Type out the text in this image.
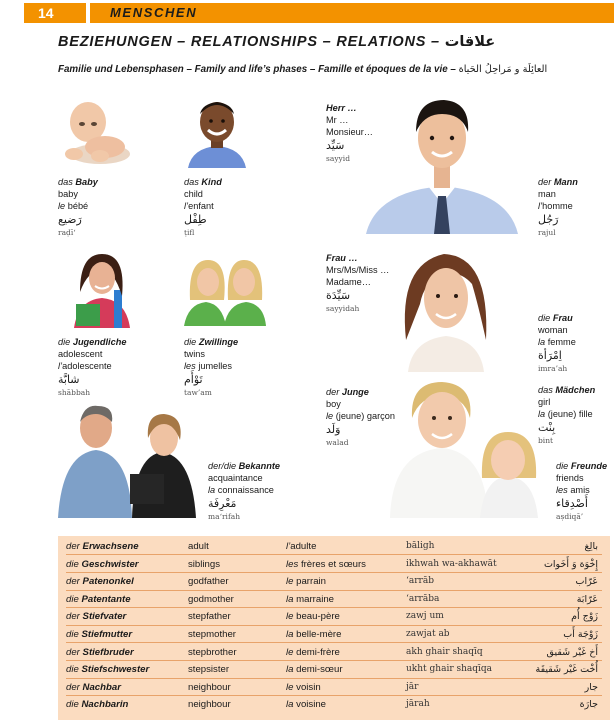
14	MENSCHEN
BEZIEHUNGEN – RELATIONSHIPS – RELATIONS – علاقات
Familie und Lebensphasen – Family and life’s phases – Famille et époques de la vie – العائِلَة و مَراحِلُ الحَياة
das Baby
baby
le bébé
رَضيع
raḍī‘
das Kind
child
l’enfant
طِفْل
ṭifl
Herr …
Mr …
Monsieur…
سَيِّد
sayyid
der Mann
man
l’homme
رَجُل
rajul
Frau …
Mrs/Ms/Miss …
Madame…
سَيِّدَة
sayyidah
die Jugendliche
adolescent
l’adolescente
شابَّة
shābbah
die Zwillinge
twins
les jumelles
تَوْأَم
taw’am
die Frau
woman
la femme
اِمْرَأة
imra’ah
der Junge
boy
le (jeune) garçon
وَلَد
walad
das Mädchen
girl
la (jeune) fille
بِنْت
bint
der/die Bekannte
acquaintance
la connaissance
مَعْرِفَة
ma‘rifah
die Freunde
friends
les amis
أَصْدِقاء
aṣdiqā’
der Erwachsene	adult	l’adulte	bāligh	بالِغ
die Geschwister	siblings	les frères et sœurs	ikhwah wa-akhawāt	إِخْوَة وَ أَخَوات
der Patenonkel	godfather	le parrain	‘arrāb	عَرّاب
die Patentante	godmother	la marraine	‘arrāba	عَرّابَة
der Stiefvater	stepfather	le beau-père	zawj um	زَوْج أُم
die Stiefmutter	stepmother	la belle-mère	zawjat ab	زَوْجَة أَب
der Stiefbruder	stepbrother	le demi-frère	akh ghair shaqīq	أَخ غَيْر شَقيق
die Stiefschwester	stepsister	la demi-sœur	ukht ghair shaqīqa	أُخْت غَيْر شَقيقَة
der Nachbar	neighbour	le voisin	jār	جار
die Nachbarin	neighbour	la voisine	jārah	جارَة
